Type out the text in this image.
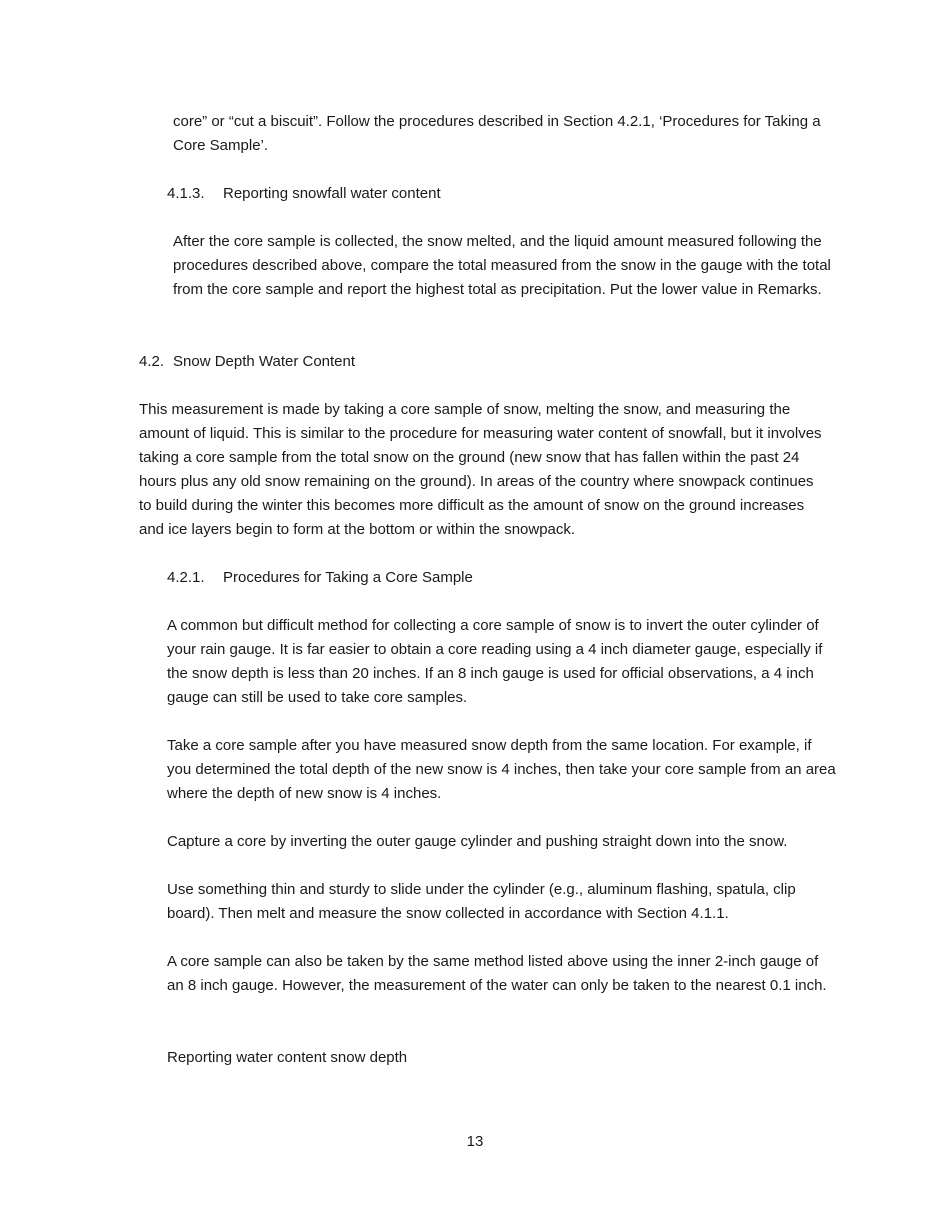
core” or “cut a biscuit”. Follow the procedures described in Section 4.2.1, ‘Procedures for Taking a Core Sample’.

4.1.3. Reporting snowfall water content

After the core sample is collected, the snow melted, and the liquid amount measured following the procedures described above, compare the total measured from the snow in the gauge with the total from the core sample and report the highest total as precipitation. Put the lower value in Remarks.

4.2. Snow Depth Water Content

This measurement is made by taking a core sample of snow, melting the snow, and measuring the amount of liquid. This is similar to the procedure for measuring water content of snowfall, but it involves taking a core sample from the total snow on the ground (new snow that has fallen within the past 24 hours plus any old snow remaining on the ground). In areas of the country where snowpack continues to build during the winter this becomes more difficult as the amount of snow on the ground increases and ice layers begin to form at the bottom or within the snowpack.

4.2.1. Procedures for Taking a Core Sample

A common but difficult method for collecting a core sample of snow is to invert the outer cylinder of your rain gauge. It is far easier to obtain a core reading using a 4 inch diameter gauge, especially if the snow depth is less than 20 inches. If an 8 inch gauge is used for official observations, a 4 inch gauge can still be used to take core samples.

Take a core sample after you have measured snow depth from the same location. For example, if you determined the total depth of the new snow is 4 inches, then take your core sample from an area where the depth of new snow is 4 inches.

Capture a core by inverting the outer gauge cylinder and pushing straight down into the snow.

Use something thin and sturdy to slide under the cylinder (e.g., aluminum flashing, spatula, clip board). Then melt and measure the snow collected in accordance with Section 4.1.1.

A core sample can also be taken by the same method listed above using the inner 2-inch gauge of an 8 inch gauge. However, the measurement of the water can only be taken to the nearest 0.1 inch.

Reporting water content snow depth

13
